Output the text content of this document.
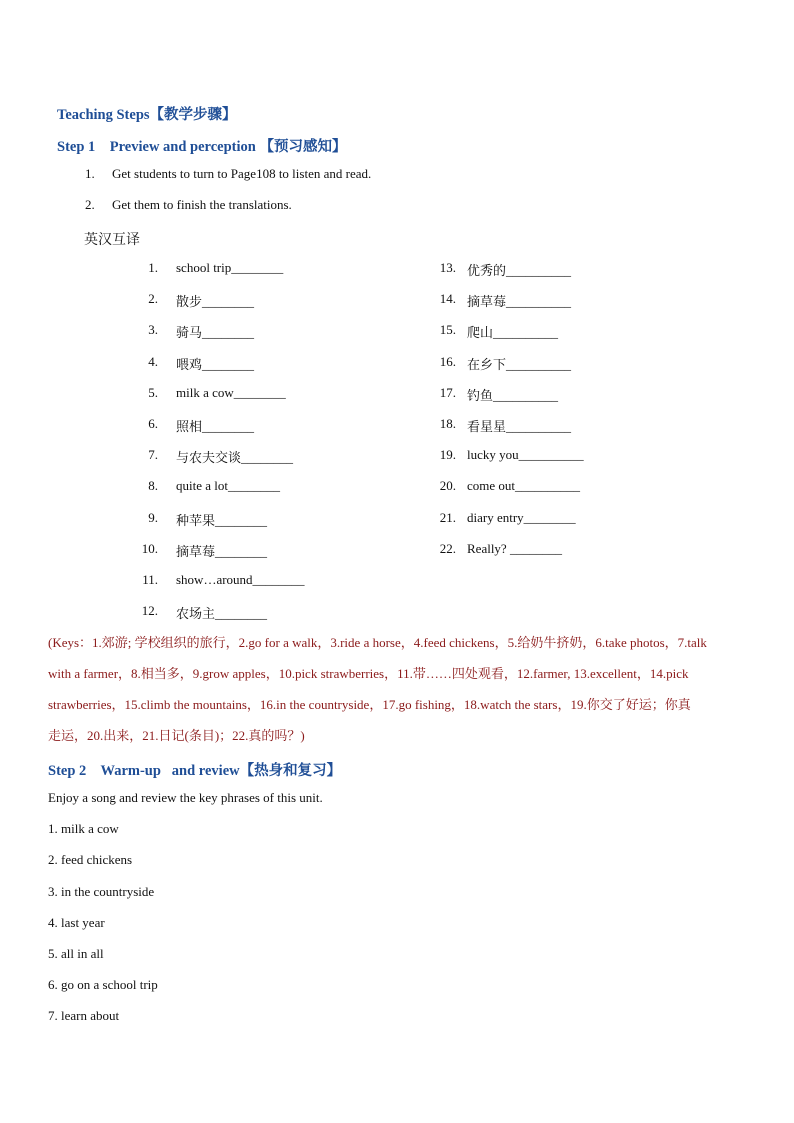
Teaching Steps【教学步骤】
Step 1    Preview and perception 【预习感知】
1. Get students to turn to Page108 to listen and read.
2. Get them to finish the translations.
英汉互译
1. school trip________
2. 散步________
3. 骑马________
4. 喂鸡________
5. milk a cow________
6. 照相________
7. 与农夫交谈________
8. quite a lot________
9. 种苹果________
10. 摘草莓________
11. show…around________
12. 农场主________
13. 优秀的__________
14. 摘草莓__________
15. 爬山__________
16. 在乡下__________
17. 钓鱼__________
18. 看星星__________
19. lucky you__________
20. come out__________
21. diary entry________
22. Really? ________

(Keys：1.郊游; 学校组织的旅行，2.go for a walk，3.ride a horse，4.feed chickens，5.给奶牛挤奶，6.take photos，7.talk

with a farmer，8.相当多，9.grow apples，10.pick strawberries，11.带……四处观看，12.farmer, 13.excellent，14.pick

strawberries，15.climb the mountains，16.in the countryside，17.go fishing，18.watch the stars，19.你交了好运；你真

走运，20.出来，21.日记(条目)；22.真的吗？)

Step 2    Warm-up   and review【热身和复习】
Enjoy a song and review the key phrases of this unit.
1. milk a cow
2. feed chickens
3. in the countryside
4. last year
5. all in all
6. go on a school trip
7. learn about
